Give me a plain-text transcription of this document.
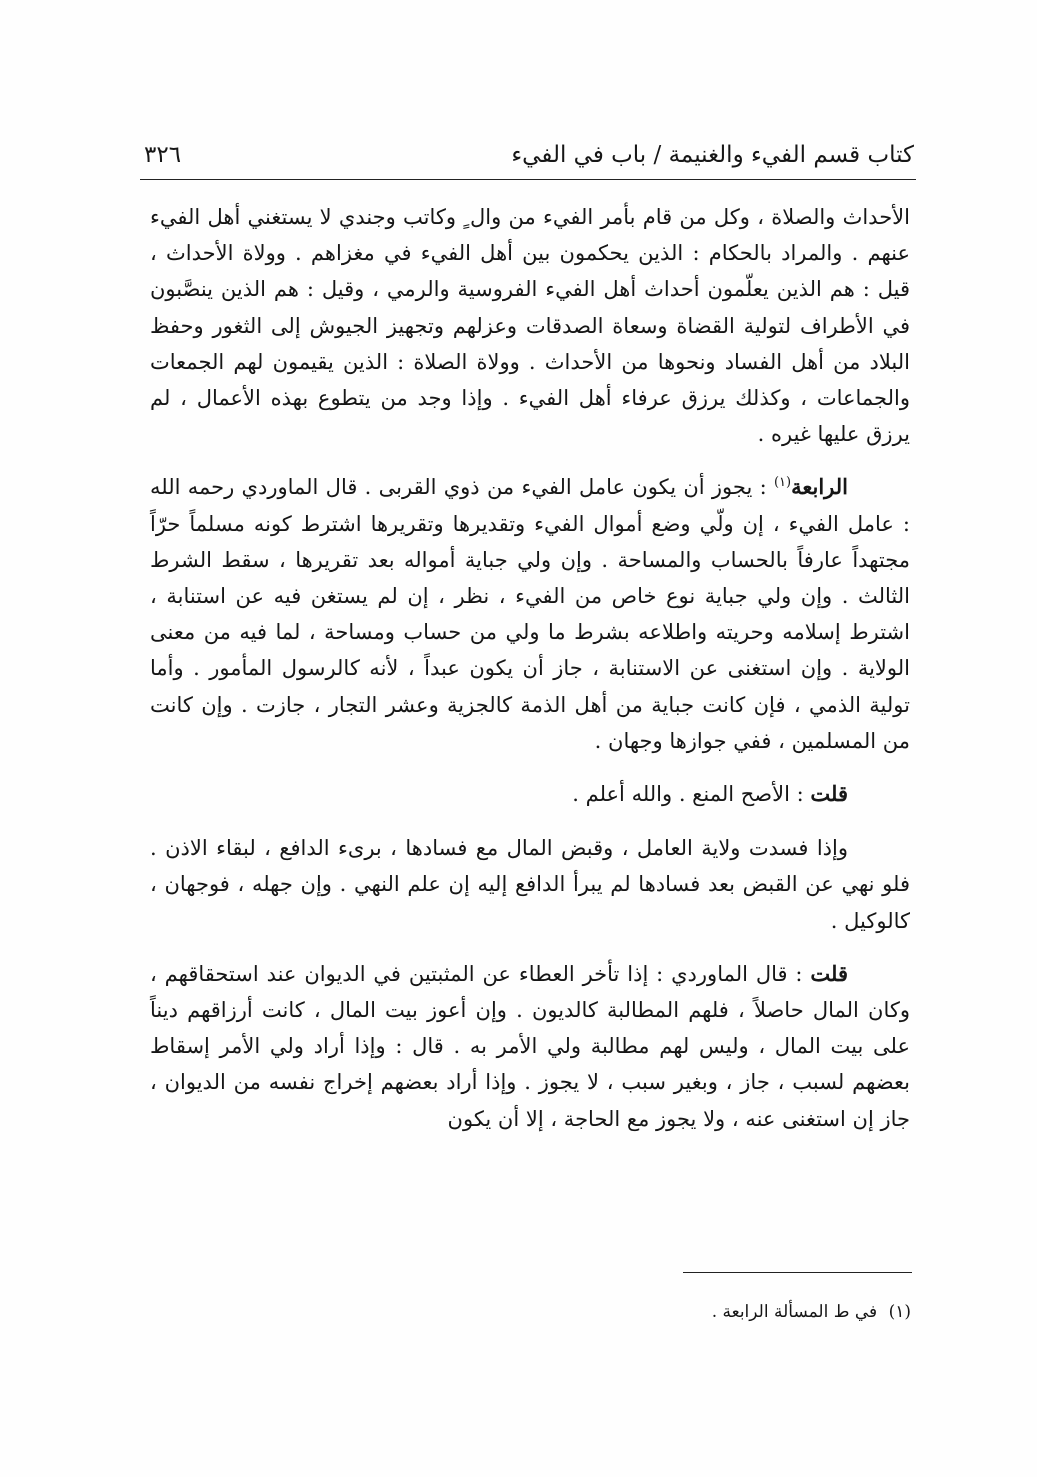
كتاب قسم الفيء والغنيمة / باب في الفيء
٣٢٦

الأحداث والصلاة ، وكل من قام بأمر الفيء من وال ٍ وكاتب وجندي لا يستغني أهل الفيء عنهم . والمراد بالحكام : الذين يحكمون بين أهل الفيء في مغزاهم . وولاة الأحداث ، قيل : هم الذين يعلّمون أحداث أهل الفيء الفروسية والرمي ، وقيل : هم الذين ينصَّبون في الأطراف لتولية القضاة وسعاة الصدقات وعزلهم وتجهيز الجيوش إلى الثغور وحفظ البلاد من أهل الفساد ونحوها من الأحداث . وولاة الصلاة : الذين يقيمون لهم الجمعات والجماعات ، وكذلك يرزق عرفاء أهل الفيء . وإذا وجد من يتطوع بهذه الأعمال ، لم يرزق عليها غيره .

الرابعة$^{(١)}$ : يجوز أن يكون عامل الفيء من ذوي القربى . قال الماوردي رحمه الله : عامل الفيء ، إن ولّي وضع أموال الفيء وتقديرها وتقريرها اشترط كونه مسلماً حرّاً مجتهداً عارفاً بالحساب والمساحة . وإن ولي جباية أمواله بعد تقريرها ، سقط الشرط الثالث . وإن ولي جباية نوع خاص من الفيء ، نظر ، إن لم يستغن فيه عن استنابة ، اشترط إسلامه وحريته واطلاعه بشرط ما ولي من حساب ومساحة ، لما فيه من معنى الولاية . وإن استغنى عن الاستنابة ، جاز أن يكون عبداً ، لأنه كالرسول المأمور . وأما تولية الذمي ، فإن كانت جباية من أهل الذمة كالجزية وعشر التجار ، جازت . وإن كانت من المسلمين ، ففي جوازها وجهان .

قلت : الأصح المنع . والله أعلم .

وإذا فسدت ولاية العامل ، وقبض المال مع فسادها ، برىء الدافع ، لبقاء الاذن . فلو نهي عن القبض بعد فسادها لم يبرأ الدافع إليه إن علم النهي . وإن جهله ، فوجهان ، كالوكيل .

قلت : قال الماوردي : إذا تأخر العطاء عن المثبتين في الديوان عند استحقاقهم ، وكان المال حاصلاً ، فلهم المطالبة كالديون . وإن أعوز بيت المال ، كانت أرزاقهم ديناً على بيت المال ، وليس لهم مطالبة ولي الأمر به . قال : وإذا أراد ولي الأمر إسقاط بعضهم لسبب ، جاز ، وبغير سبب ، لا يجوز . وإذا أراد بعضهم إخراج نفسه من الديوان ، جاز إن استغنى عنه ، ولا يجوز مع الحاجة ، إلا أن يكون

(١) في ط المسألة الرابعة .
